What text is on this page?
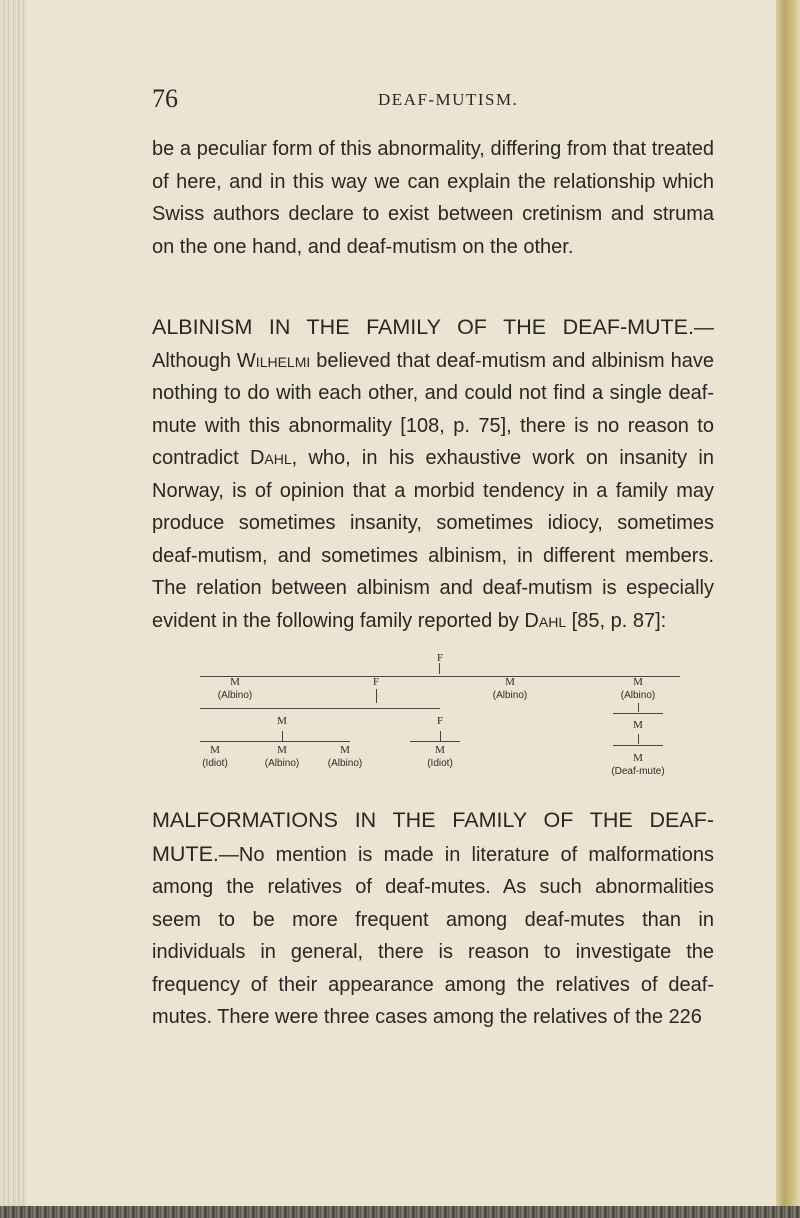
76	DEAF-MUTISM.

be a peculiar form of this abnormality, differing from that treated of here, and in this way we can explain the relationship which Swiss authors declare to exist between cretinism and struma on the one hand, and deaf-mutism on the other.

ALBINISM IN THE FAMILY OF THE DEAF-MUTE.—Although Wilhelmi believed that deaf-mutism and albinism have nothing to do with each other, and could not find a single deaf-mute with this abnormality [108, p. 75], there is no reason to contradict Dahl, who, in his exhaustive work on insanity in Norway, is of opinion that a morbid tendency in a family may produce sometimes insanity, sometimes idiocy, sometimes deaf-mutism, and sometimes albinism, in different members. The relation between albinism and deaf-mutism is especially evident in the following family reported by Dahl [85, p. 87]:

F
M
(Albino)
F	M
(Albino)
M
(Albino)
M	F	M
M
(Idiot)
M
(Albino)
M
(Albino)
M
(Idiot)	M
(Deaf-mute)

MALFORMATIONS IN THE FAMILY OF THE DEAF-MUTE.—No mention is made in literature of malformations among the relatives of deaf-mutes. As such abnormalities seem to be more frequent among deaf-mutes than in individuals in general, there is reason to investigate the frequency of their appearance among the relatives of deaf-mutes. There were three cases among the relatives of the 226
